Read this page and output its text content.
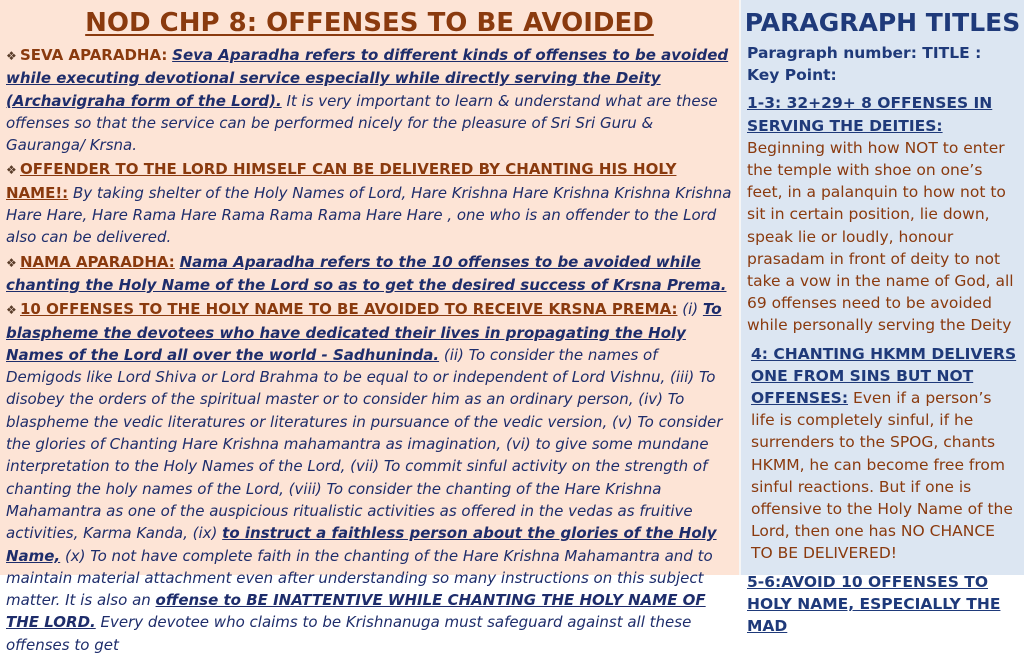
NOD CHP 8: OFFENSES TO BE AVOIDED

❖ SEVA APARADHA: Seva Aparadha refers to different kinds of offenses to be avoided while executing devotional service especially while directly serving the Deity (Archavigraha form of the Lord). It is very important to learn & understand what are these offenses so that the service can be performed nicely for the pleasure of Sri Sri Guru & Gauranga/ Krsna.

❖ OFFENDER TO THE LORD HIMSELF CAN BE DELIVERED BY CHANTING HIS HOLY NAME!: By taking shelter of the Holy Names of Lord, Hare Krishna Hare Krishna Krishna Krishna Hare Hare, Hare Rama Hare Rama Rama Rama Hare Hare , one who is an offender to the Lord also can be delivered.

❖ NAMA APARADHA: Nama Aparadha refers to the 10 offenses to be avoided while chanting the Holy Name of the Lord so as to get the desired success of Krsna Prema.

❖ 10 OFFENSES TO THE HOLY NAME TO BE AVOIDED TO RECEIVE KRSNA PREMA: (i) To blaspheme the devotees who have dedicated their lives in propagating the Holy Names of the Lord all over the world - Sadhuninda. (ii) To consider the names of Demigods like Lord Shiva or Lord Brahma to be equal to or independent of Lord Vishnu, (iii) To disobey the orders of the spiritual master or to consider him as an ordinary person, (iv) To blaspheme the vedic literatures or literatures in pursuance of the vedic version, (v) To consider the glories of Chanting Hare Krishna mahamantra as imagination, (vi) to give some mundane interpretation to the Holy Names of the Lord, (vii) To commit sinful activity on the strength of chanting the holy names of the Lord, (viii) To consider the chanting of the Hare Krishna Mahamantra as one of the auspicious ritualistic activities as offered in the vedas as fruitive activities, Karma Kanda, (ix) to instruct a faithless person about the glories of the Holy Name, (x) To not have complete faith in the chanting of the Hare Krishna Mahamantra and to maintain material attachment even after understanding so many instructions on this subject matter. It is also an offense to BE INATTENTIVE WHILE CHANTING THE HOLY NAME OF THE LORD. Every devotee who claims to be Krishnanuga must safeguard against all these offenses to get

PARAGRAPH TITLES

Paragraph number: TITLE : Key Point:

1-3: 32+29+ 8 OFFENSES IN SERVING THE DEITIES: Beginning with how NOT to enter the temple with shoe on one’s feet, in a palanquin to how not to sit in certain position, lie down, speak lie or loudly, honour prasadam in front of deity to not take a vow in the name of God, all 69 offenses need to be avoided while personally serving the Deity

4: CHANTING HKMM DELIVERS ONE FROM SINS BUT NOT OFFENSES: Even if a person’s life is completely sinful, if he surrenders to the SPOG, chants HKMM, he can become free from sinful reactions. But if one is offensive to the Holy Name of the Lord, then one has NO CHANCE TO BE DELIVERED!

5-6:AVOID 10 OFFENSES TO HOLY NAME, ESPECIALLY THE MAD
